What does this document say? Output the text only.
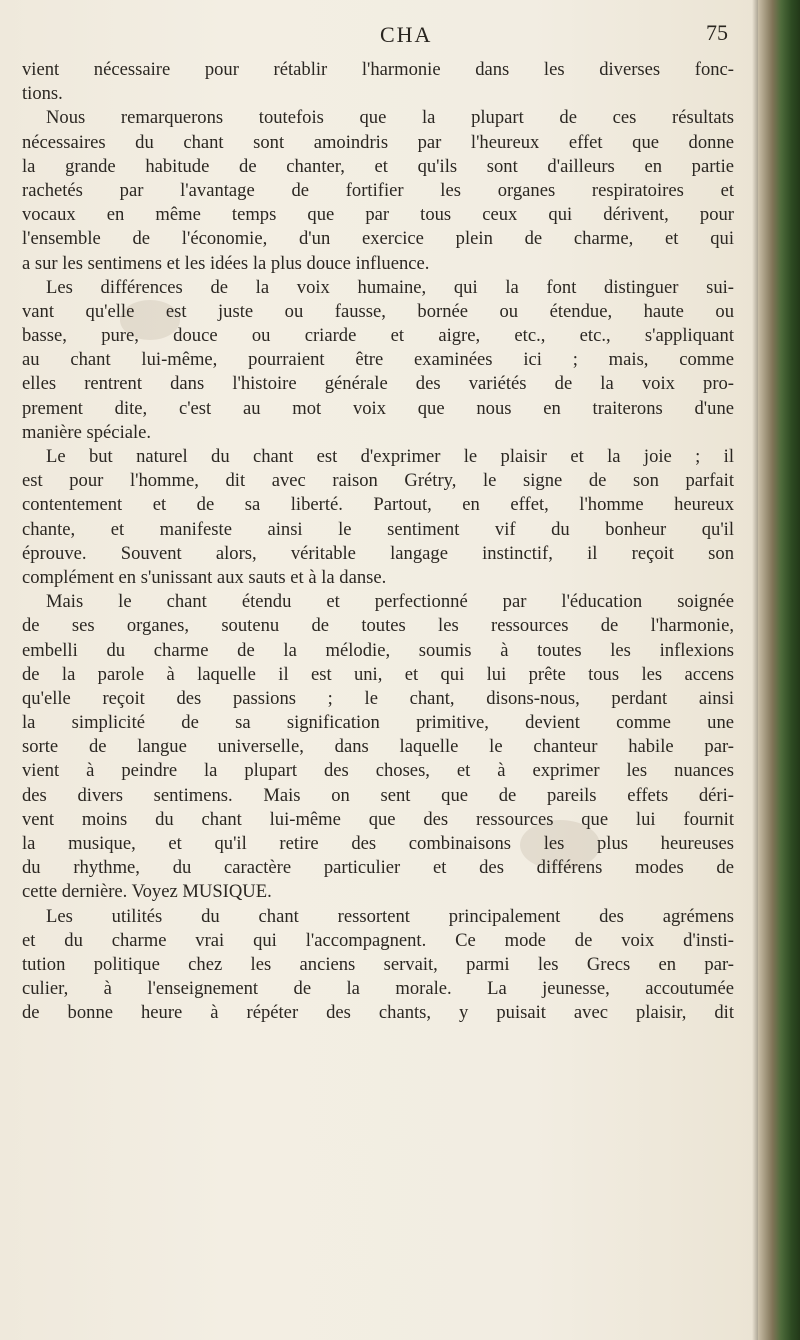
CHA	75
vient nécessaire pour rétablir l'harmonie dans les diverses fonc-
tions.
Nous remarquerons toutefois que la plupart de ces résultats
nécessaires du chant sont amoindris par l'heureux effet que donne
la grande habitude de chanter, et qu'ils sont d'ailleurs en partie
rachetés par l'avantage de fortifier les organes respiratoires et
vocaux en même temps que par tous ceux qui dérivent, pour
l'ensemble de l'économie, d'un exercice plein de charme, et qui
a sur les sentimens et les idées la plus douce influence.
Les différences de la voix humaine, qui la font distinguer sui-
vant qu'elle est juste ou fausse, bornée ou étendue, haute ou
basse, pure, douce ou criarde et aigre, etc., etc., s'appliquant
au chant lui-même, pourraient être examinées ici ; mais, comme
elles rentrent dans l'histoire générale des variétés de la voix pro-
prement dite, c'est au mot voix que nous en traiterons d'une
manière spéciale.
Le but naturel du chant est d'exprimer le plaisir et la joie ; il
est pour l'homme, dit avec raison Grétry, le signe de son parfait
contentement et de sa liberté. Partout, en effet, l'homme heureux
chante, et manifeste ainsi le sentiment vif du bonheur qu'il
éprouve. Souvent alors, véritable langage instinctif, il reçoit son
complément en s'unissant aux sauts et à la danse.
Mais le chant étendu et perfectionné par l'éducation soignée
de ses organes, soutenu de toutes les ressources de l'harmonie,
embelli du charme de la mélodie, soumis à toutes les inflexions
de la parole à laquelle il est uni, et qui lui prête tous les accens
qu'elle reçoit des passions ; le chant, disons-nous, perdant ainsi
la simplicité de sa signification primitive, devient comme une
sorte de langue universelle, dans laquelle le chanteur habile par-
vient à peindre la plupart des choses, et à exprimer les nuances
des divers sentimens. Mais on sent que de pareils effets déri-
vent moins du chant lui-même que des ressources que lui fournit
la musique, et qu'il retire des combinaisons les plus heureuses
du rhythme, du caractère particulier et des différens modes de
cette dernière. Voyez MUSIQUE.
Les utilités du chant ressortent principalement des agrémens
et du charme vrai qui l'accompagnent. Ce mode de voix d'insti-
tution politique chez les anciens servait, parmi les Grecs en par-
culier, à l'enseignement de la morale. La jeunesse, accoutumée
de bonne heure à répéter des chants, y puisait avec plaisir, dit
